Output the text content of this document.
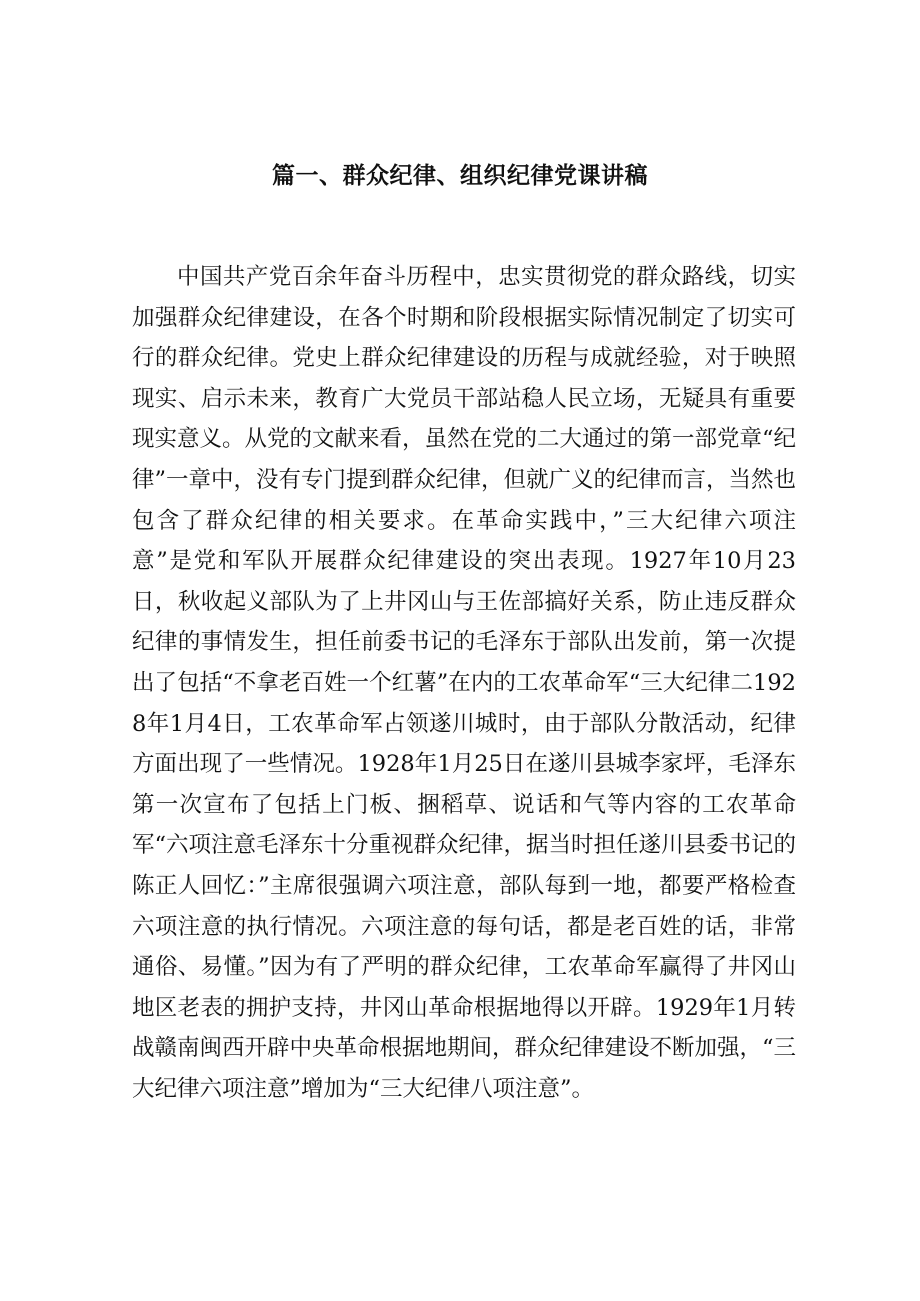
篇一、群众纪律、组织纪律党课讲稿

中国共产党百余年奋斗历程中，忠实贯彻党的群众路线，切实加强群众纪律建设，在各个时期和阶段根据实际情况制定了切实可行的群众纪律。党史上群众纪律建设的历程与成就经验，对于映照现实、启示未来，教育广大党员干部站稳人民立场，无疑具有重要现实意义。从党的文献来看，虽然在党的二大通过的第一部党章“纪律”一章中，没有专门提到群众纪律，但就广义的纪律而言，当然也包含了群众纪律的相关要求。在革命实践中，”三大纪律六项注意”是党和军队开展群众纪律建设的突出表现。1927年10月23日，秋收起义部队为了上井冈山与王佐部搞好关系，防止违反群众纪律的事情发生，担任前委书记的毛泽东于部队出发前，第一次提出了包括“不拿老百姓一个红薯”在内的工农革命军“三大纪律二1928年1月4日，工农革命军占领遂川城时，由于部队分散活动，纪律方面出现了一些情况。1928年1月25日在遂川县城李家坪，毛泽东第一次宣布了包括上门板、捆稻草、说话和气等内容的工农革命军“六项注意毛泽东十分重视群众纪律，据当时担任遂川县委书记的陈正人回忆：”主席很强调六项注意，部队每到一地，都要严格检查六项注意的执行情况。六项注意的每句话，都是老百姓的话，非常通俗、易懂。”因为有了严明的群众纪律，工农革命军赢得了井冈山地区老表的拥护支持，井冈山革命根据地得以开辟。1929年1月转战赣南闽西开辟中央革命根据地期间，群众纪律建设不断加强，“三大纪律六项注意”增加为“三大纪律八项注意”。
